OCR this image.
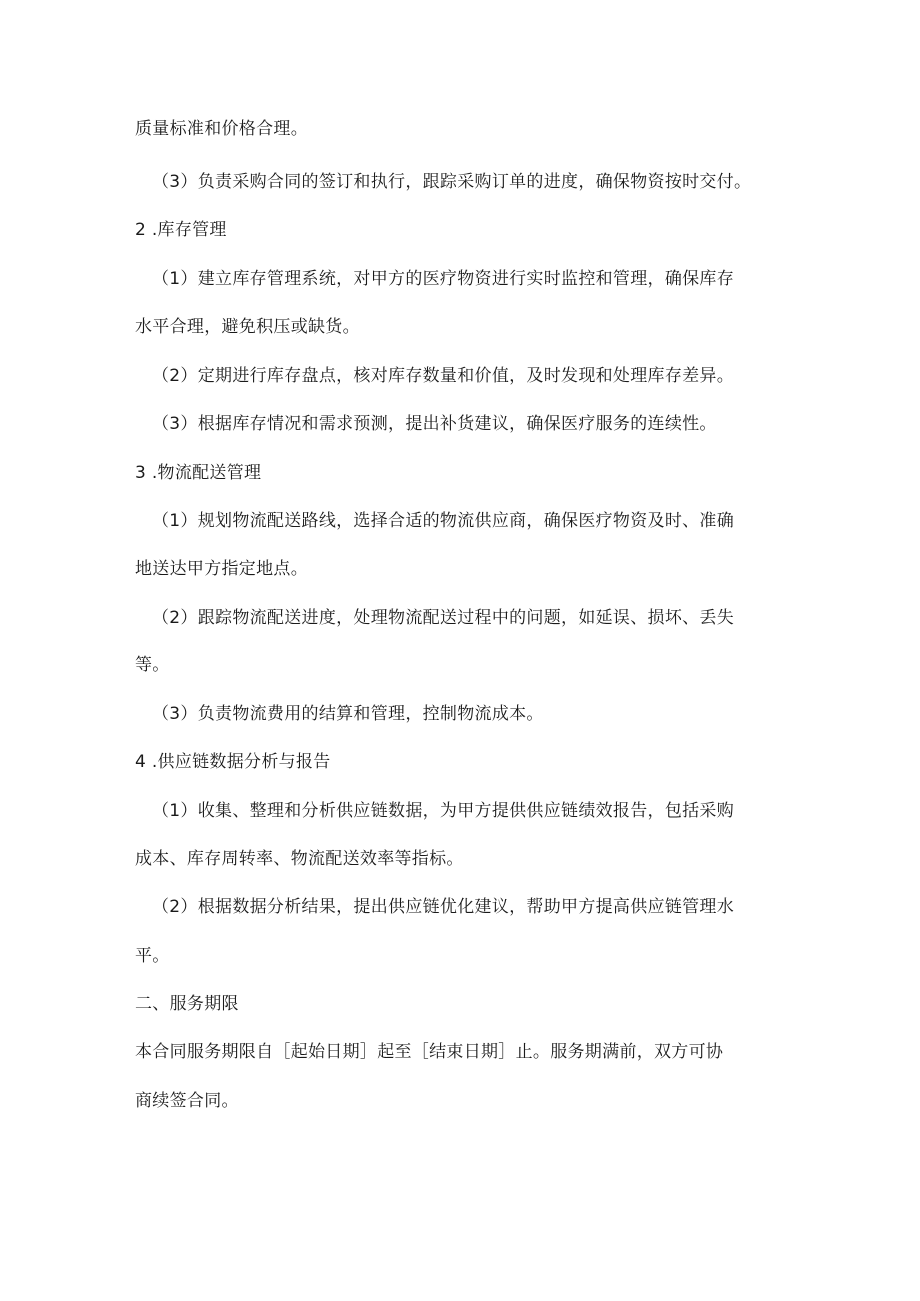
质量标准和价格合理。

（3）负责采购合同的签订和执行，跟踪采购订单的进度，确保物资按时交付。

2 .库存管理

（1）建立库存管理系统，对甲方的医疗物资进行实时监控和管理，确保库存

水平合理，避免积压或缺货。

（2）定期进行库存盘点，核对库存数量和价值，及时发现和处理库存差异。

（3）根据库存情况和需求预测，提出补货建议，确保医疗服务的连续性。

3 .物流配送管理

（1）规划物流配送路线，选择合适的物流供应商，确保医疗物资及时、准确

地送达甲方指定地点。

（2）跟踪物流配送进度，处理物流配送过程中的问题，如延误、损坏、丢失

等。

（3）负责物流费用的结算和管理，控制物流成本。

4 .供应链数据分析与报告

（1）收集、整理和分析供应链数据，为甲方提供供应链绩效报告，包括采购

成本、库存周转率、物流配送效率等指标。

（2）根据数据分析结果，提出供应链优化建议，帮助甲方提高供应链管理水

平。

二、服务期限

本合同服务期限自［起始日期］起至［结束日期］止。服务期满前，双方可协

商续签合同。
